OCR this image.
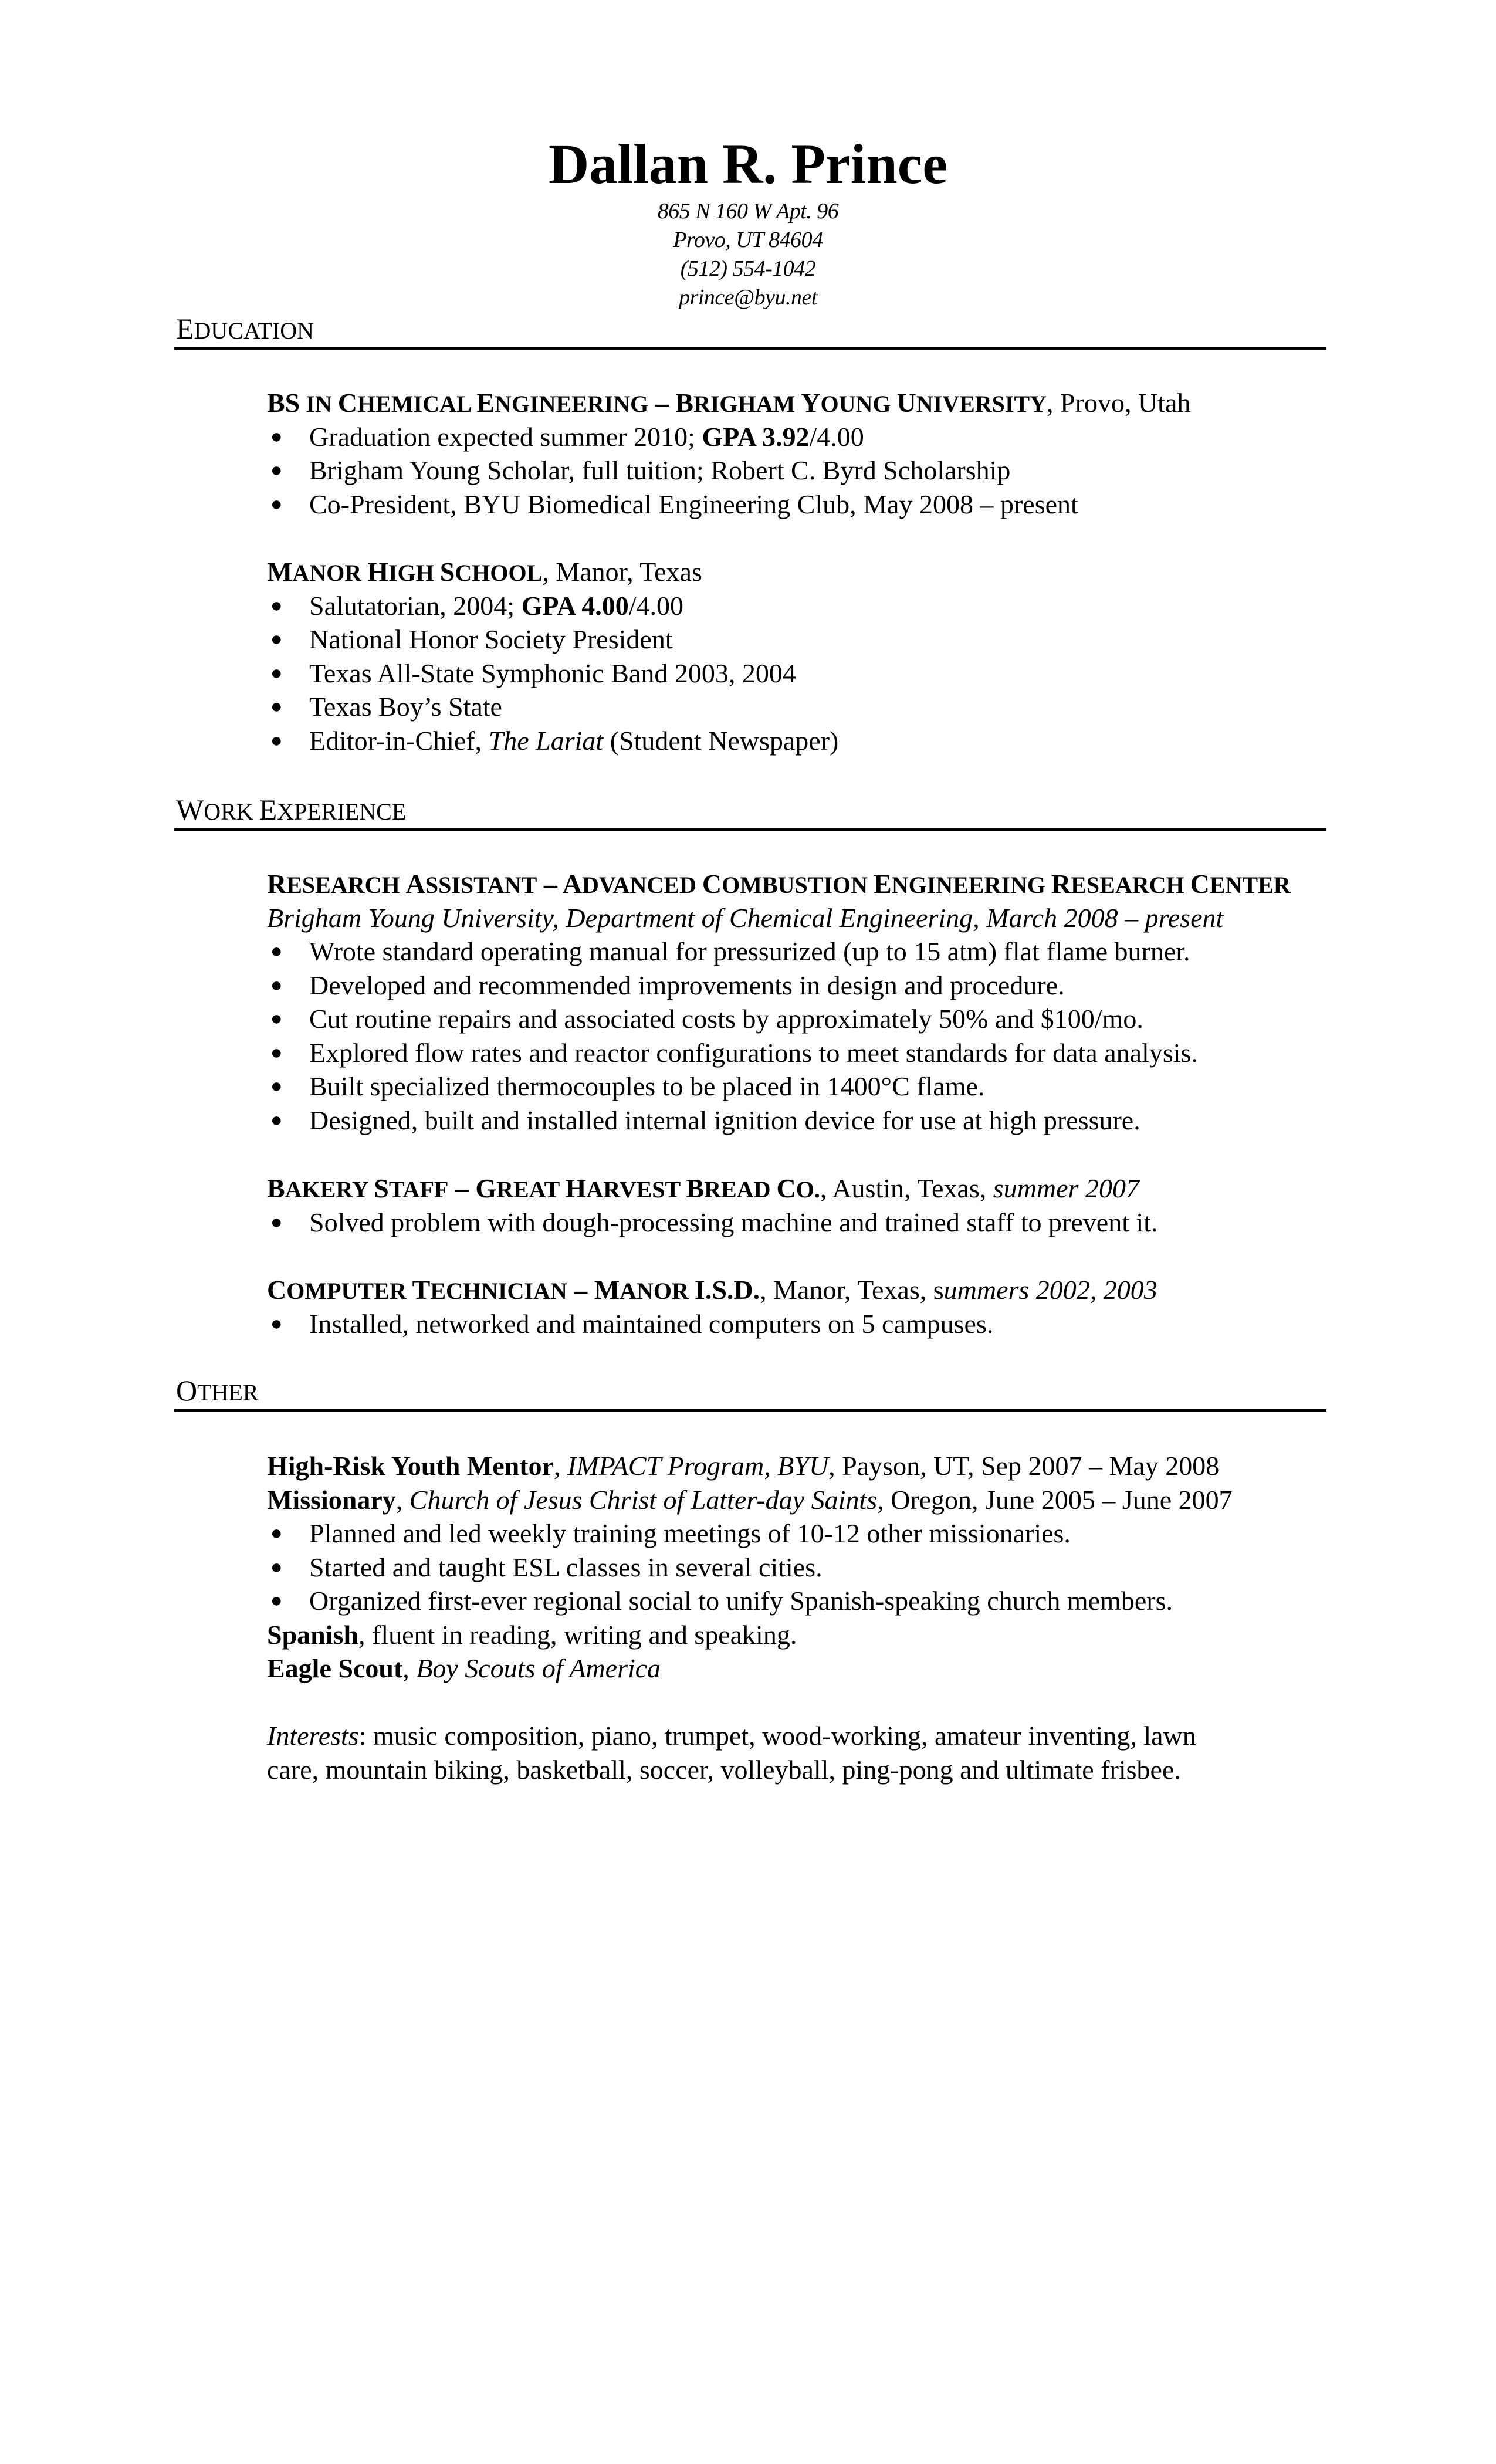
Dallan R. Prince
865 N 160 W Apt. 96
Provo, UT 84604
(512) 554-1042
prince@byu.net
EDUCATION
BS IN CHEMICAL ENGINEERING – BRIGHAM YOUNG UNIVERSITY, Provo, Utah
● Graduation expected summer 2010; GPA 3.92/4.00
● Brigham Young Scholar, full tuition; Robert C. Byrd Scholarship
● Co-President, BYU Biomedical Engineering Club, May 2008 – present
MANOR HIGH SCHOOL, Manor, Texas
● Salutatorian, 2004; GPA 4.00/4.00
● National Honor Society President
● Texas All-State Symphonic Band 2003, 2004
● Texas Boy’s State
● Editor-in-Chief, The Lariat (Student Newspaper)
WORK EXPERIENCE
RESEARCH ASSISTANT – ADVANCED COMBUSTION ENGINEERING RESEARCH CENTER
Brigham Young University, Department of Chemical Engineering, March 2008 – present
● Wrote standard operating manual for pressurized (up to 15 atm) flat flame burner.
● Developed and recommended improvements in design and procedure.
● Cut routine repairs and associated costs by approximately 50% and $100/mo.
● Explored flow rates and reactor configurations to meet standards for data analysis.
● Built specialized thermocouples to be placed in 1400°C flame.
● Designed, built and installed internal ignition device for use at high pressure.
BAKERY STAFF – GREAT HARVEST BREAD CO., Austin, Texas, summer 2007
● Solved problem with dough-processing machine and trained staff to prevent it.
COMPUTER TECHNICIAN – MANOR I.S.D., Manor, Texas, summers 2002, 2003
● Installed, networked and maintained computers on 5 campuses.
OTHER
High-Risk Youth Mentor, IMPACT Program, BYU, Payson, UT, Sep 2007 – May 2008
Missionary, Church of Jesus Christ of Latter-day Saints, Oregon, June 2005 – June 2007
● Planned and led weekly training meetings of 10-12 other missionaries.
● Started and taught ESL classes in several cities.
● Organized first-ever regional social to unify Spanish-speaking church members.
Spanish, fluent in reading, writing and speaking.
Eagle Scout, Boy Scouts of America
Interests: music composition, piano, trumpet, wood-working, amateur inventing, lawn
care, mountain biking, basketball, soccer, volleyball, ping-pong and ultimate frisbee.
